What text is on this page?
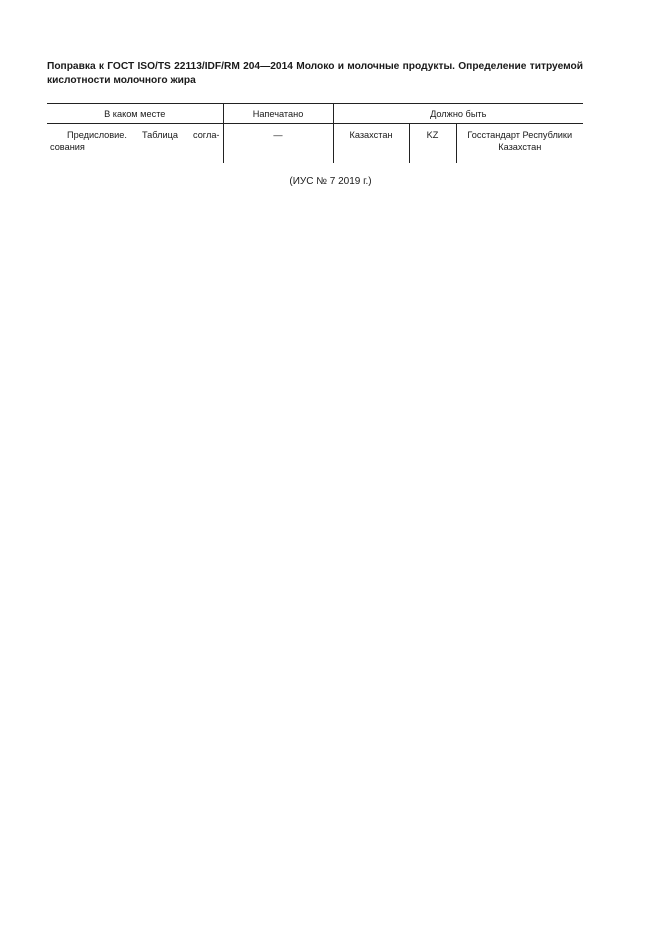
Поправка к ГОСТ ISO/TS 22113/IDF/RM 204—2014 Молоко и молочные продукты. Определение титруемой кислотности молочного жира
В каком месте	Напечатано	Должно быть		
Предисловие. Таблица согла-сования	—	Казахстан	KZ	Госстандарт Республики Казахстан
(ИУС № 7 2019 г.)
